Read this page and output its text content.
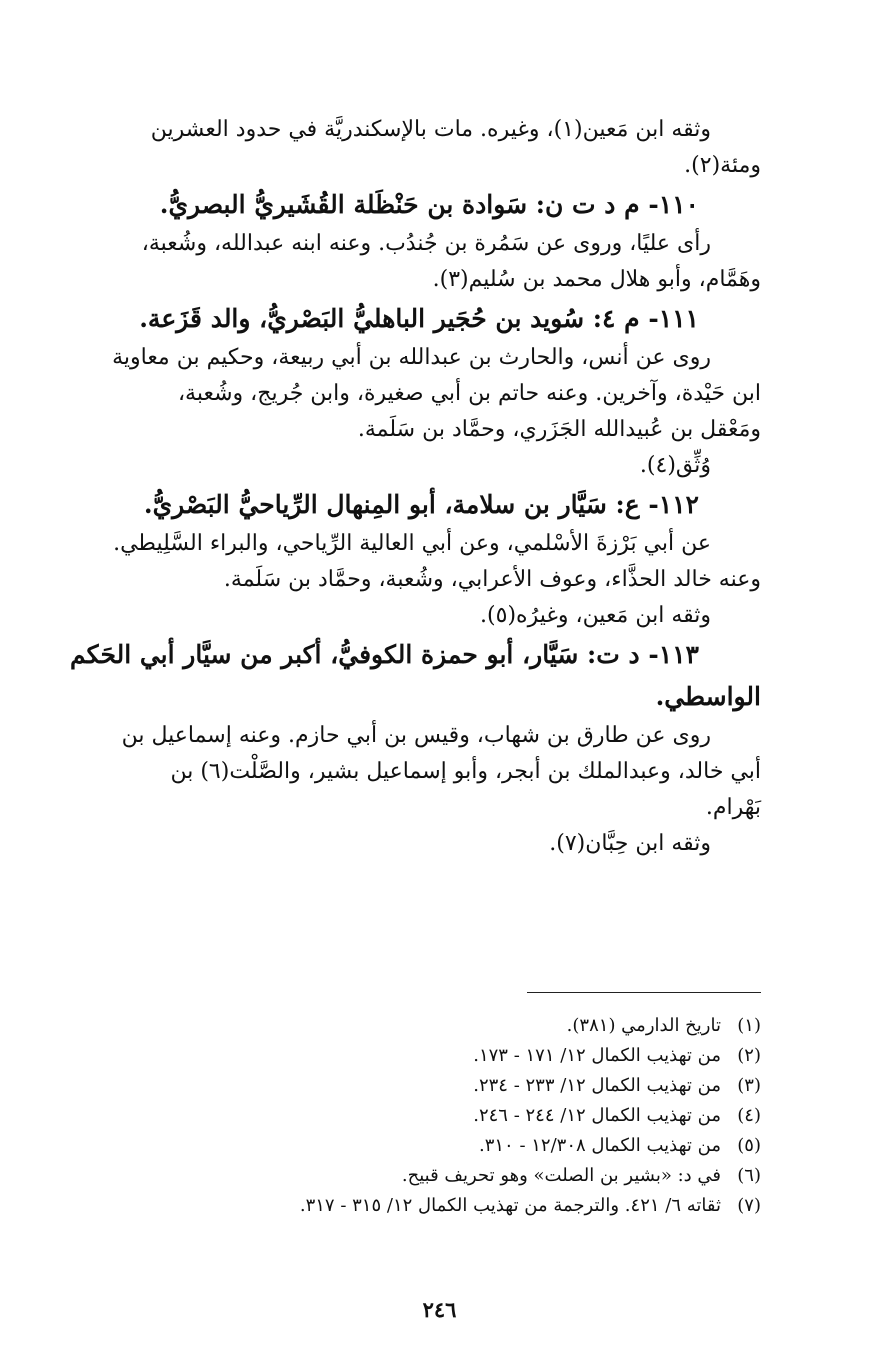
وثقه ابن مَعين(١)، وغيره. مات بالإسكندريَّة في حدود العشرين
ومئة(٢).
١١٠- م د ت ن: سَوادة بن حَنْظَلة القُشَيريُّ البصريُّ.
رأى عليًا، وروى عن سَمُرة بن جُندُب. وعنه ابنه عبدالله، وشُعبة،
وهَمَّام، وأبو هلال محمد بن سُليم(٣).
١١١- م ٤: سُويد بن حُجَير الباهليُّ البَصْريُّ، والد قَزَعة.
روى عن أنس، والحارث بن عبدالله بن أبي ربيعة، وحكيم بن معاوية
ابن حَيْدة، وآخرين. وعنه حاتم بن أبي صغيرة، وابن جُريج، وشُعبة،
ومَعْقل بن عُبيدالله الجَزَري، وحمَّاد بن سَلَمة.
وُثِّق(٤).
١١٢- ع: سَيَّار بن سلامة، أبو المِنهال الرِّياحيُّ البَصْريُّ.
عن أبي بَرْزةَ الأسْلمي، وعن أبي العالية الرِّياحي، والبراء السَّلِيطي.
وعنه خالد الحذَّاء، وعوف الأعرابي، وشُعبة، وحمَّاد بن سَلَمة.
وثقه ابن مَعين، وغيرُه(٥).
١١٣- د ت: سَيَّار، أبو حمزة الكوفيُّ، أكبر من سيَّار أبي الحَكم
الواسطي.
روى عن طارق بن شهاب، وقيس بن أبي حازم. وعنه إسماعيل بن
أبي خالد، وعبدالملك بن أبجر، وأبو إسماعيل بشير، والصَّلْت(٦) بن
بَهْرام.
وثقه ابن حِبَّان(٧).
(١)تاريخ الدارمي (٣٨١).
(٢)من تهذيب الكمال ١٢/ ١٧١ - ١٧٣.
(٣)من تهذيب الكمال ١٢/ ٢٣٣ - ٢٣٤.
(٤)من تهذيب الكمال ١٢/ ٢٤٤ - ٢٤٦.
(٥)من تهذيب الكمال ١٢/٣٠٨ - ٣١٠.
(٦)في د: «بشير بن الصلت» وهو تحريف قبيح.
(٧)ثقاته ٦/ ٤٢١. والترجمة من تهذيب الكمال ١٢/ ٣١٥ - ٣١٧.
٢٤٦
